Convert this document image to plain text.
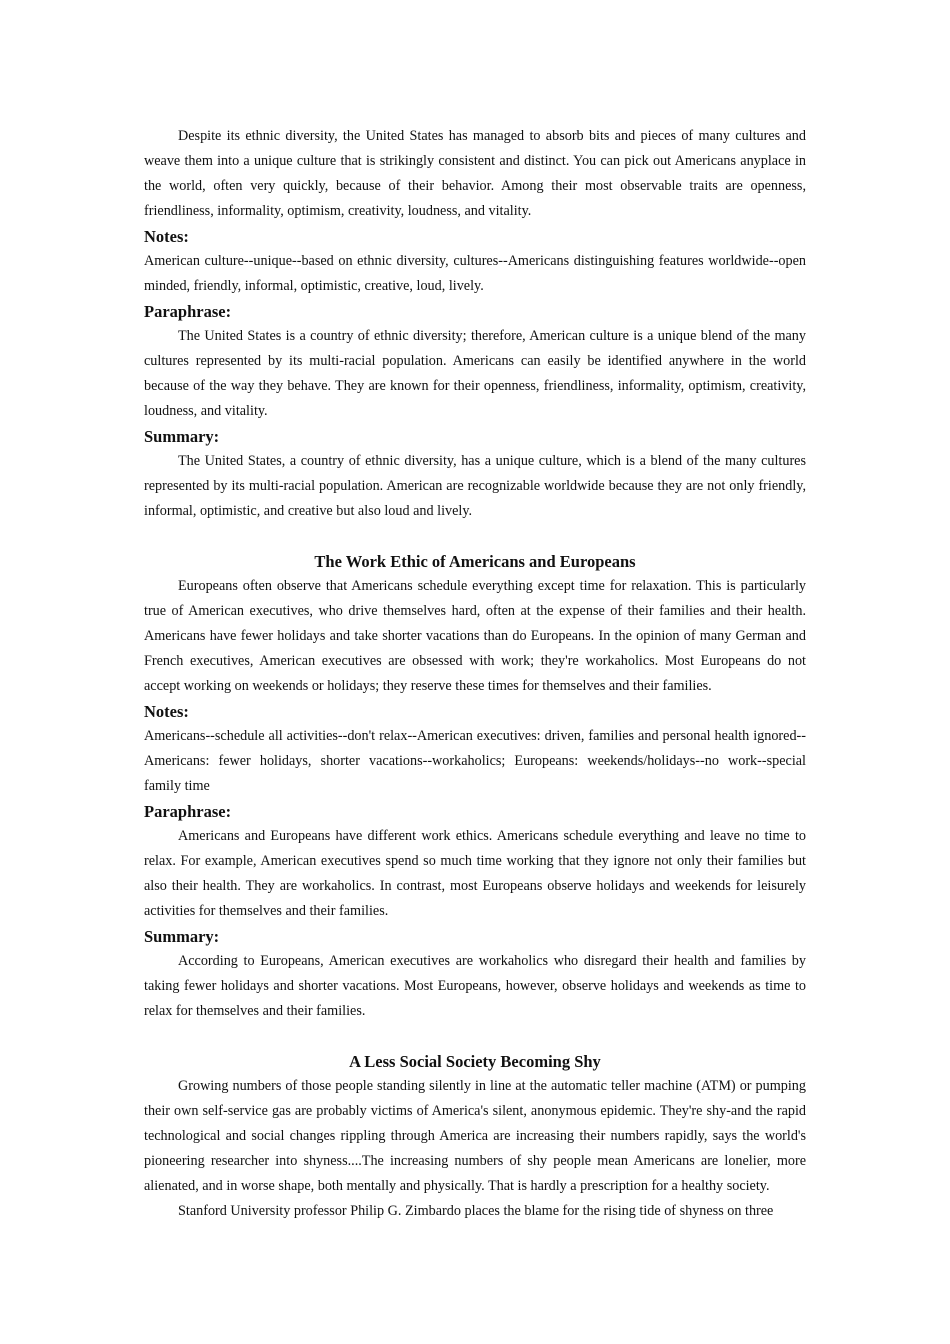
Despite its ethnic diversity, the United States has managed to absorb bits and pieces of many cultures and weave them into a unique culture that is strikingly consistent and distinct. You can pick out Americans anyplace in the world, often very quickly, because of their behavior. Among their most observable traits are openness, friendliness, informality, optimism, creativity, loudness, and vitality.

Notes:

American culture--unique--based on ethnic diversity, cultures--Americans distinguishing features worldwide--open minded, friendly, informal, optimistic, creative, loud, lively.

Paraphrase:

The United States is a country of ethnic diversity; therefore, American culture is a unique blend of the many cultures represented by its multi-racial population. Americans can easily be identified anywhere in the world because of the way they behave. They are known for their openness, friendliness, informality, optimism, creativity, loudness, and vitality.

Summary:

The United States, a country of ethnic diversity, has a unique culture, which is a blend of the many cultures represented by its multi-racial population. American are recognizable worldwide because they are not only friendly, informal, optimistic, and creative but also loud and lively.

The Work Ethic of Americans and Europeans

Europeans often observe that Americans schedule everything except time for relaxation. This is particularly true of American executives, who drive themselves hard, often at the expense of their families and their health. Americans have fewer holidays and take shorter vacations than do Europeans. In the opinion of many German and French executives, American executives are obsessed with work; they're workaholics. Most Europeans do not accept working on weekends or holidays; they reserve these times for themselves and their families.

Notes:

Americans--schedule all activities--don't relax--American executives: driven, families and personal health ignored--Americans: fewer holidays, shorter vacations--workaholics; Europeans: weekends/holidays--no work--special family time

Paraphrase:

Americans and Europeans have different work ethics. Americans schedule everything and leave no time to relax. For example, American executives spend so much time working that they ignore not only their families but also their health. They are workaholics. In contrast, most Europeans observe holidays and weekends for leisurely activities for themselves and their families.

Summary:

According to Europeans, American executives are workaholics who disregard their health and families by taking fewer holidays and shorter vacations. Most Europeans, however, observe holidays and weekends as time to relax for themselves and their families.

A Less Social Society Becoming Shy

Growing numbers of those people standing silently in line at the automatic teller machine (ATM) or pumping their own self-service gas are probably victims of America's silent, anonymous epidemic. They're shy-and the rapid technological and social changes rippling through America are increasing their numbers rapidly, says the world's pioneering researcher into shyness....The increasing numbers of shy people mean Americans are lonelier, more alienated, and in worse shape, both mentally and physically. That is hardly a prescription for a healthy society.

Stanford University professor Philip G. Zimbardo places the blame for the rising tide of shyness on three
